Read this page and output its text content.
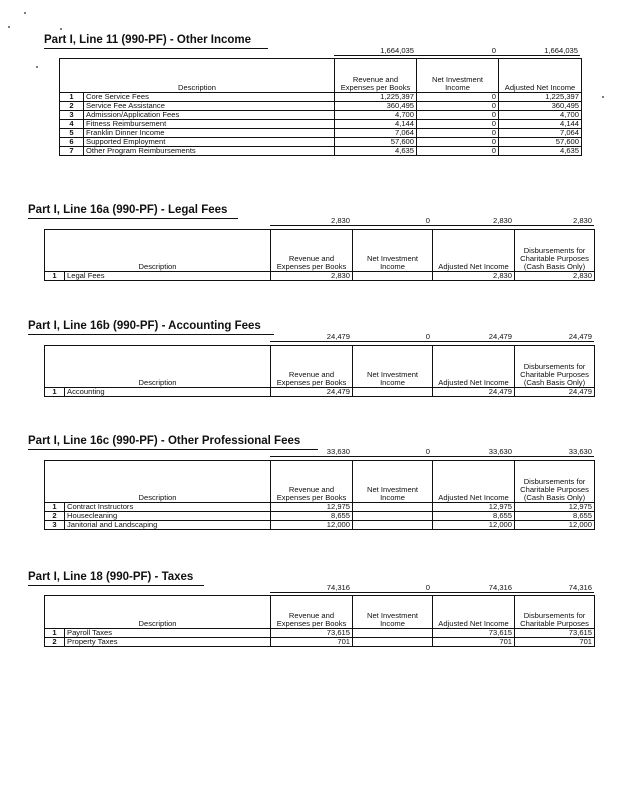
Part I, Line 11 (990-PF) - Other Income
1,664,035	0	1,664,035
Description		Revenue and Expenses per Books	Net Investment Income	Adjusted Net Income
1	Core Service Fees	1,225,397	0	1,225,397
2	Service Fee Assistance	360,495	0	360,495
3	Admission/Application Fees	4,700	0	4,700
4	Fitness Reimbursement	4,144	0	4,144
5	Franklin Dinner Income	7,064	0	7,064
6	Supported Employment	57,600	0	57,600
7	Other Program Reimbursements	4,635	0	4,635
Part I, Line 16a (990-PF) - Legal Fees
2,830	0	2,830	2,830
Description		Revenue and Expenses per Books	Net Investment Income	Adjusted Net Income	Disbursements for Charitable Purposes (Cash Basis Only)
1	Legal Fees	2,830		2,830	2,830
Part I, Line 16b (990-PF) - Accounting Fees
24,479	0	24,479	24,479
Description		Revenue and Expenses per Books	Net Investment Income	Adjusted Net Income	Disbursements for Charitable Purposes (Cash Basis Only)
1	Accounting	24,479		24,479	24,479
Part I, Line 16c (990-PF) - Other Professional Fees
33,630	0	33,630	33,630
Description		Revenue and Expenses per Books	Net Investment Income	Adjusted Net Income	Disbursements for Charitable Purposes (Cash Basis Only)
1	Contract Instructors	12,975		12,975	12,975
2	Housecleaning	8,655		8,655	8,655
3	Janitorial and Landscaping	12,000		12,000	12,000
Part I, Line 18 (990-PF) - Taxes
74,316	0	74,316	74,316
Description		Revenue and Expenses per Books	Net Investment Income	Adjusted Net Income	Disbursements for Charitable Purposes
1	Payroll Taxes	73,615		73,615	73,615
2	Property Taxes	701		701	701
